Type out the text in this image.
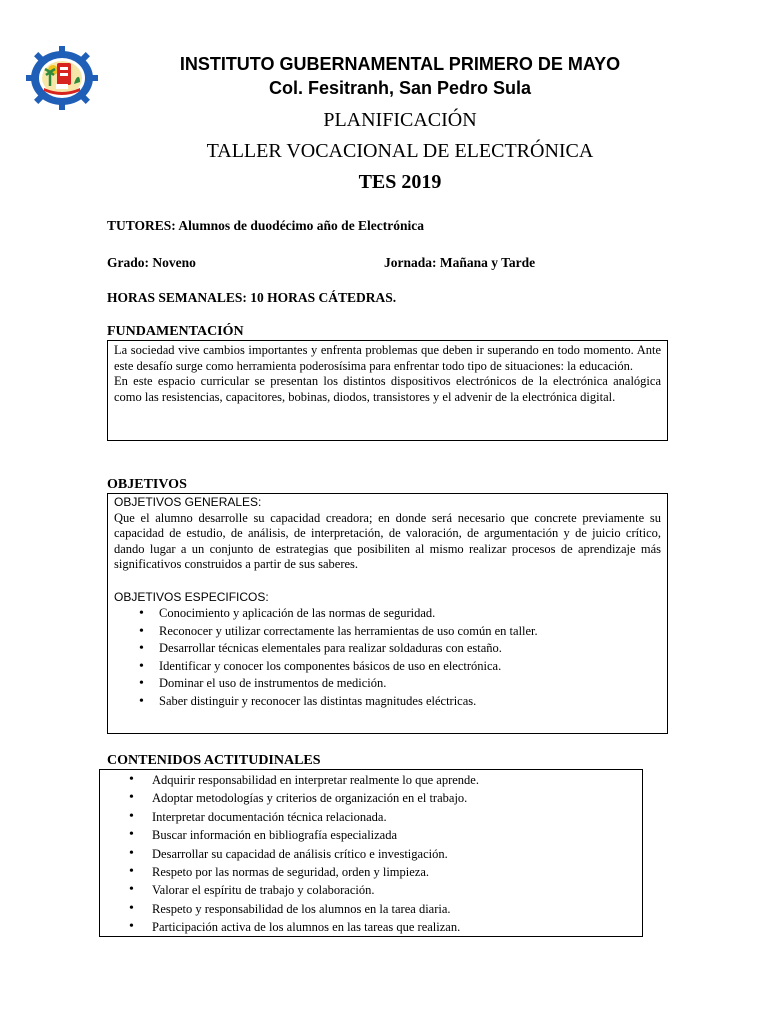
INSTITUTO GUBERNAMENTAL PRIMERO DE MAYO
Col. Fesitranh, San Pedro Sula
PLANIFICACIÓN
TALLER VOCACIONAL DE ELECTRÓNICA
TES 2019
TUTORES: Alumnos de duodécimo año de Electrónica
Grado: Noveno	Jornada: Mañana y Tarde
HORAS SEMANALES: 10 HORAS CÁTEDRAS.
FUNDAMENTACIÓN

La sociedad vive cambios importantes y enfrenta problemas que deben ir superando en todo momento. Ante este desafío surge como herramienta poderosísima para enfrentar todo tipo de situaciones: la educación.

En este espacio curricular se presentan los distintos dispositivos electrónicos de la electrónica analógica como las resistencias, capacitores, bobinas, diodos, transistores y el advenir de la electrónica digital.

OBJETIVOS
OBJETIVOS GENERALES:

Que el alumno desarrolle su capacidad creadora; en donde será necesario que concrete previamente su capacidad de estudio, de análisis, de interpretación, de valoración, de argumentación y de juicio crítico, dando lugar a un conjunto de estrategias que posibiliten al mismo realizar procesos de aprendizaje más significativos construidos a partir de sus saberes.

OBJETIVOS ESPECIFICOS:
• Conocimiento y aplicación de las normas de seguridad.
• Reconocer y utilizar correctamente las herramientas de uso común en taller.
• Desarrollar técnicas elementales para realizar soldaduras con estaño.
• Identificar y conocer los componentes básicos de uso en electrónica.
• Dominar el uso de instrumentos de medición.
• Saber distinguir y reconocer las distintas magnitudes eléctricas.
CONTENIDOS ACTITUDINALES
• Adquirir responsabilidad en interpretar realmente lo que aprende.
• Adoptar metodologías y criterios de organización en el trabajo.
• Interpretar documentación técnica relacionada.
• Buscar información en bibliografía especializada
• Desarrollar su capacidad de análisis crítico e investigación.
• Respeto por las normas de seguridad, orden y limpieza.
• Valorar el espíritu de trabajo y colaboración.
• Respeto y responsabilidad de los alumnos en la tarea diaria.
• Participación activa de los alumnos en las tareas que realizan.
